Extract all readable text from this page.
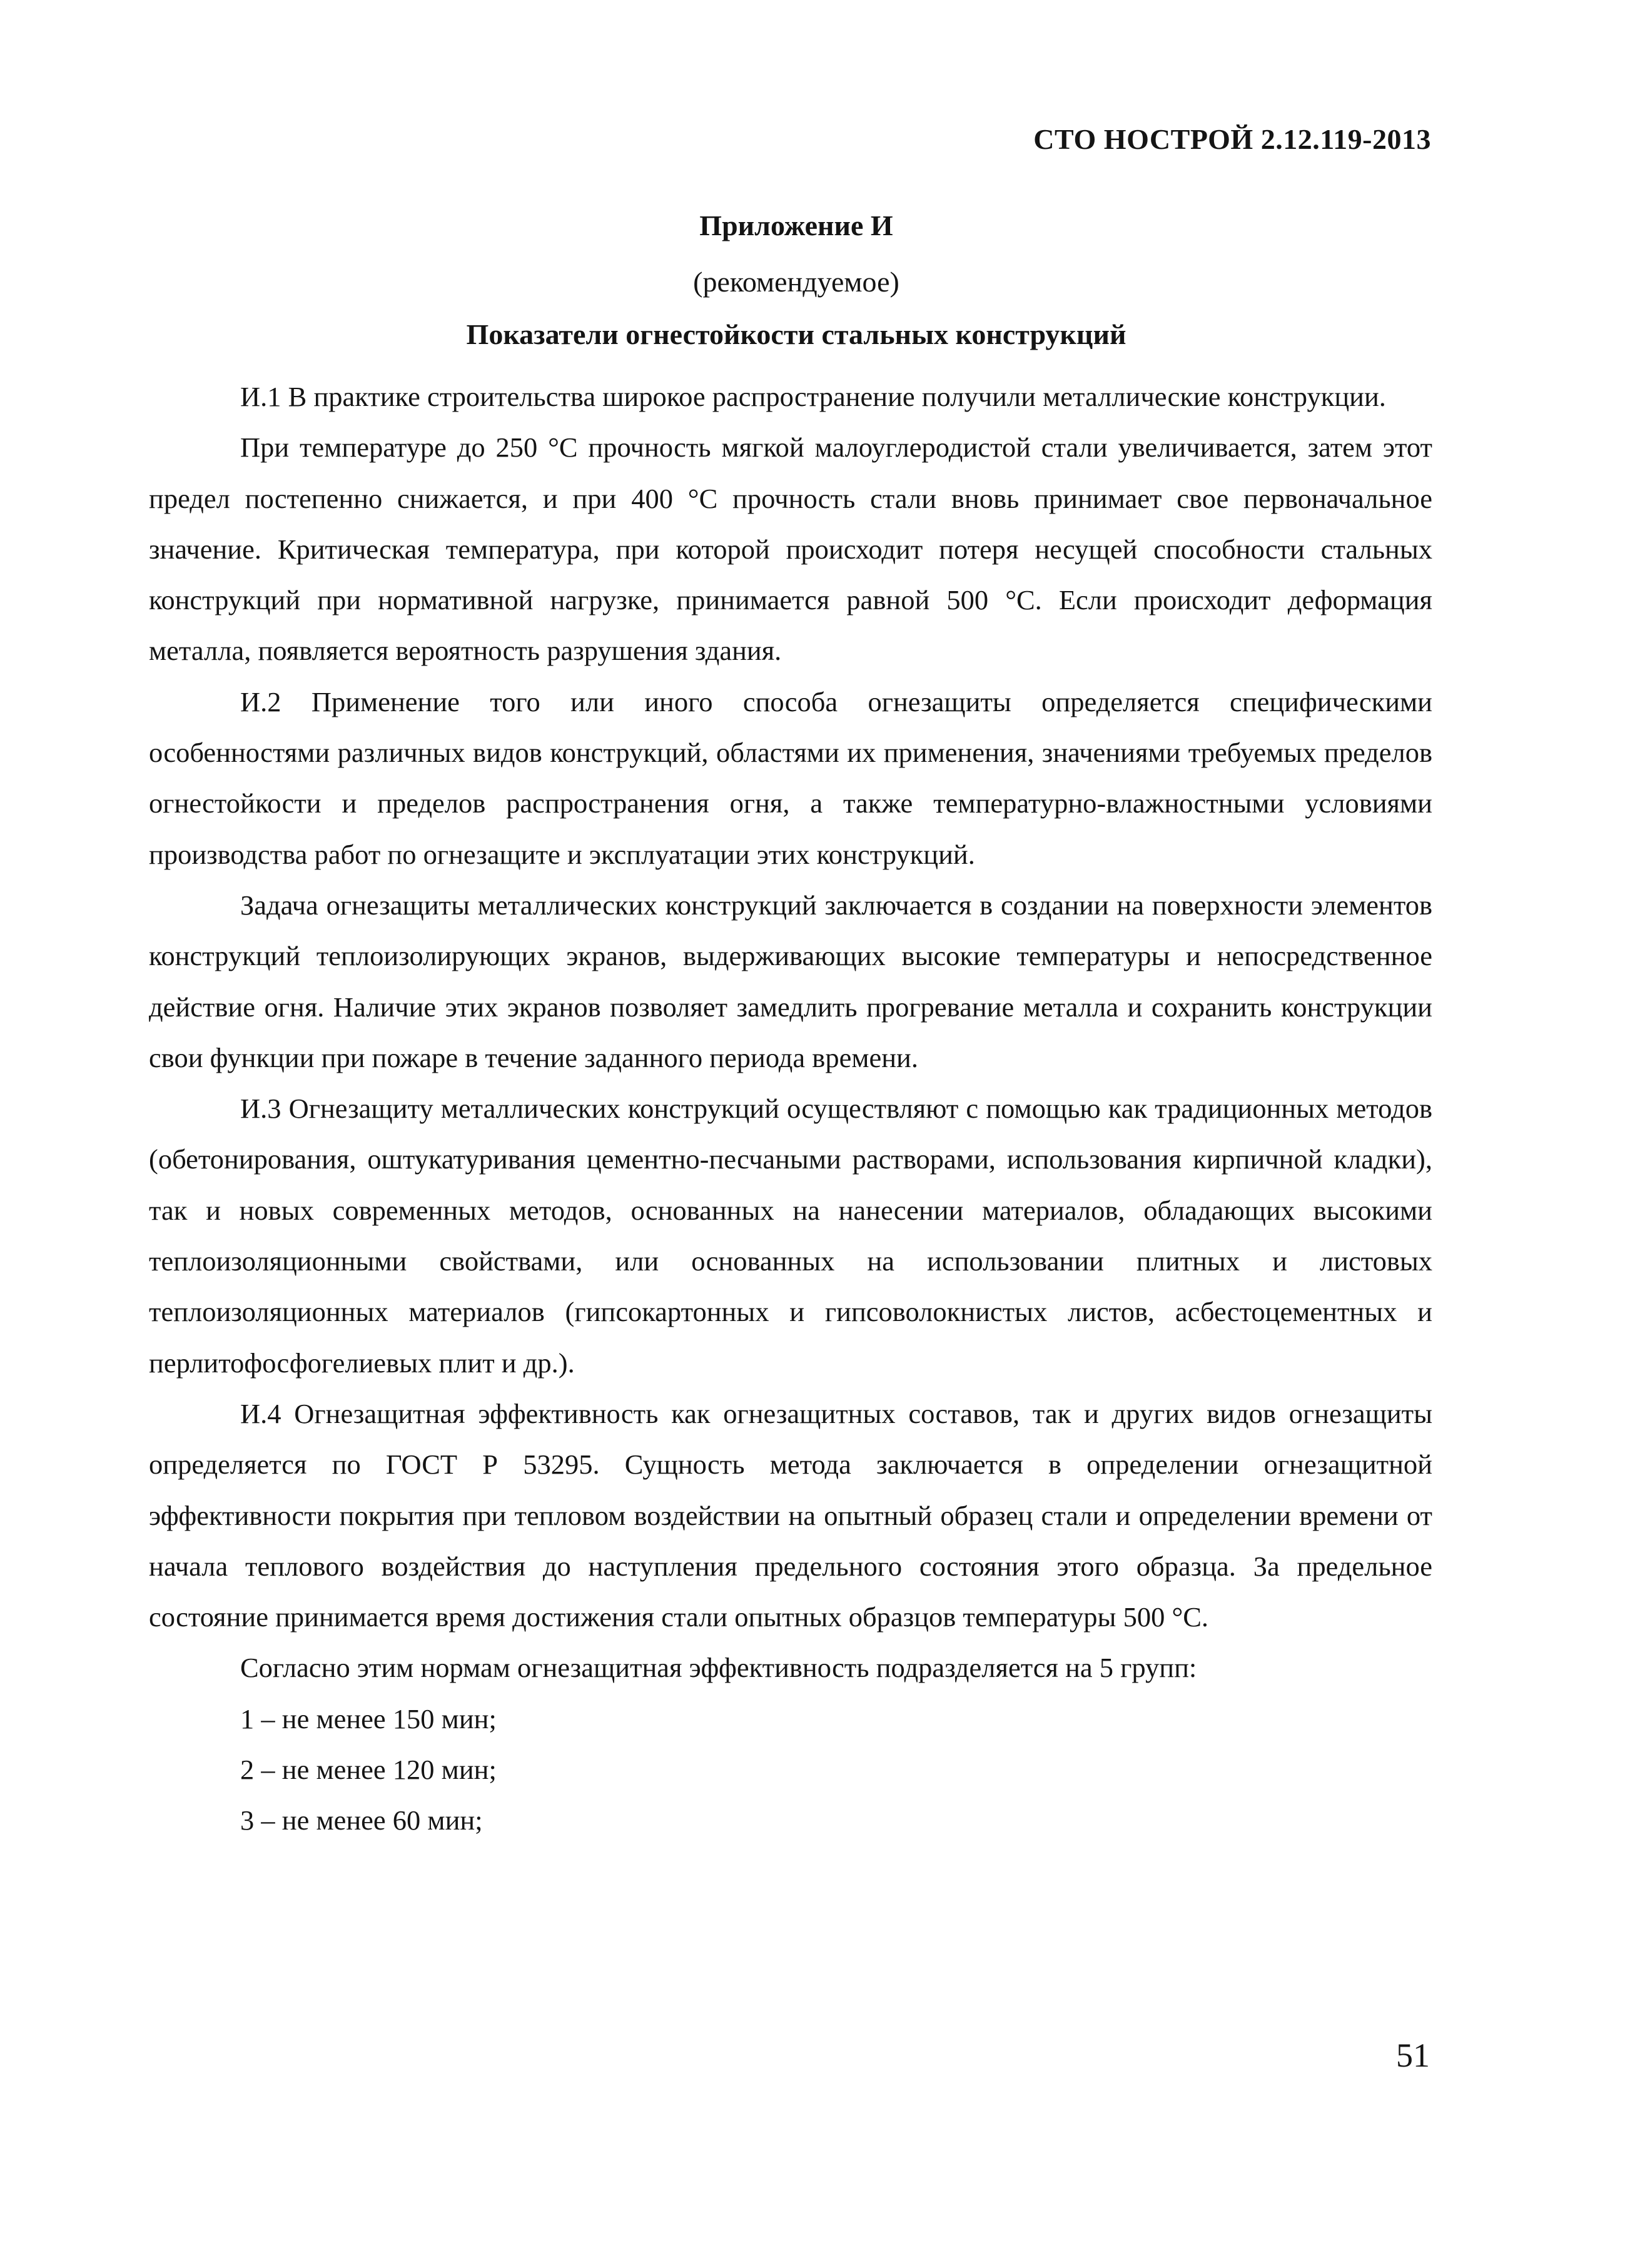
СТО НОСТРОЙ 2.12.119-2013
Приложение И
(рекомендуемое)
Показатели огнестойкости стальных конструкций

И.1 В практике строительства широкое распространение получили металлические конструкции.

При температуре до 250 °С прочность мягкой малоуглеродистой стали увеличивается, затем этот предел постепенно снижается, и при 400 °С прочность стали вновь принимает свое первоначальное значение. Критическая температура, при которой происходит потеря несущей способности стальных конструкций при нормативной нагрузке, принимается равной 500 °С. Если происходит деформация металла, появляется вероятность разрушения здания.

И.2 Применение того или иного способа огнезащиты определяется специфическими особенностями различных видов конструкций, областями их применения, значениями требуемых пределов огнестойкости и пределов распространения огня, а также температурно-влажностными условиями производства работ по огнезащите и эксплуатации этих конструкций.

Задача огнезащиты металлических конструкций заключается в создании на поверхности элементов конструкций теплоизолирующих экранов, выдерживающих высокие температуры и непосредственное действие огня. Наличие этих экранов позволяет замедлить прогревание металла и сохранить конструкции свои функции при пожаре в течение заданного периода времени.

И.3 Огнезащиту металлических конструкций осуществляют с помощью как традиционных методов (обетонирования, оштукатуривания цементно-песчаными растворами, использования кирпичной кладки), так и новых современных методов, основанных на нанесении материалов, обладающих высокими теплоизоляционными свойствами, или основанных на использовании плитных и листовых теплоизоляционных материалов (гипсокартонных и гипсоволокнистых листов, асбестоцементных и перлитофосфогелиевых плит и др.).

И.4 Огнезащитная эффективность как огнезащитных составов, так и других видов огнезащиты определяется по ГОСТ Р 53295. Сущность метода заключается в определении огнезащитной эффективности покрытия при тепловом воздействии на опытный образец стали и определении времени от начала теплового воздействия до наступления предельного состояния этого образца. За предельное состояние принимается время достижения стали опытных образцов температуры 500 °С.

Согласно этим нормам огнезащитная эффективность подразделяется на 5 групп:

1 – не менее 150 мин;

2 – не менее 120 мин;

3 – не менее 60 мин;

51
